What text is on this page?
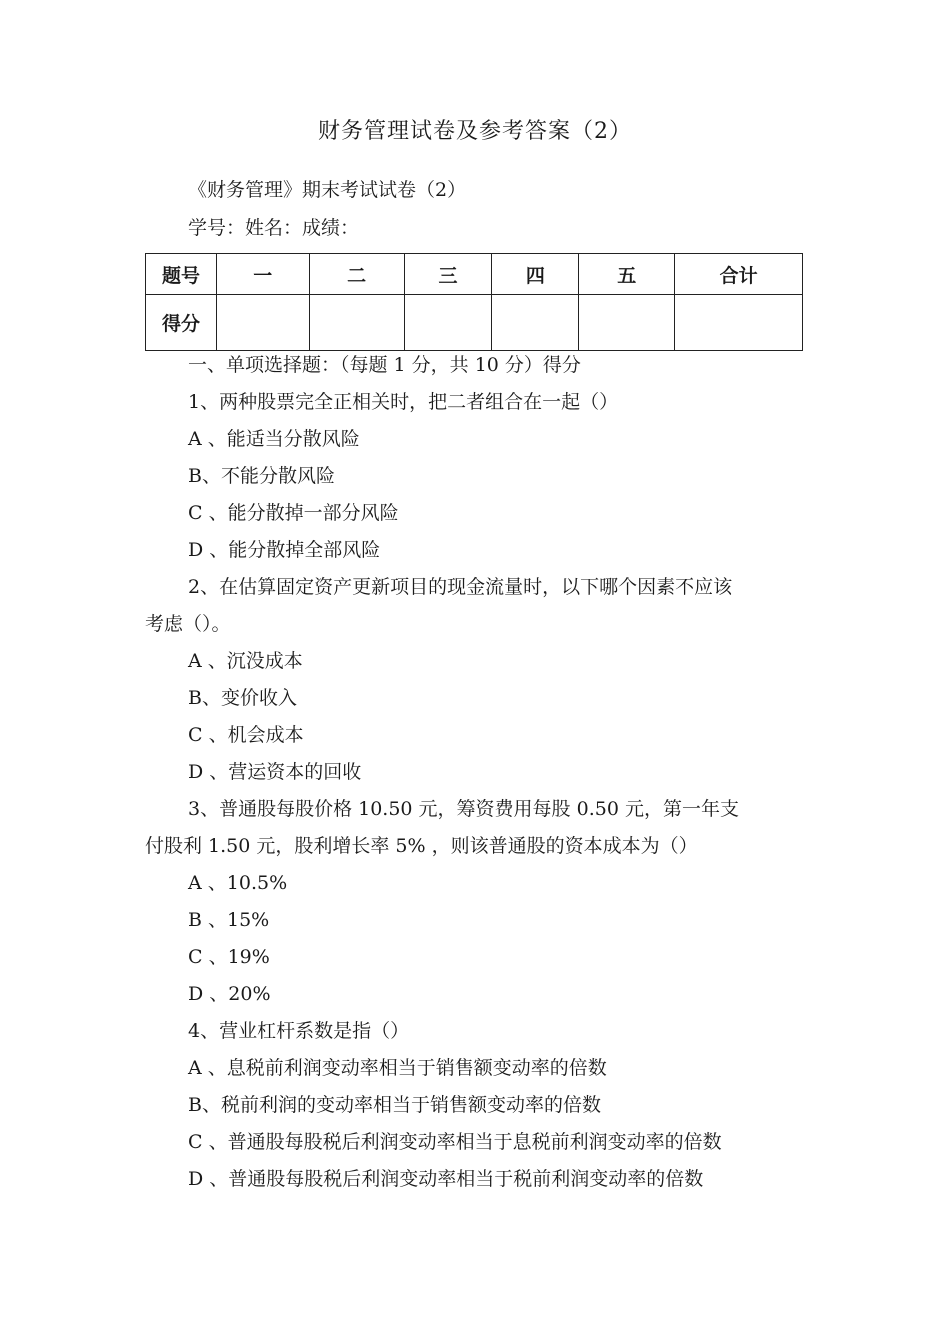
财务管理试卷及参考答案（2）
《财务管理》期末考试试卷（2）
学号：姓名：成绩：
题号	一	二	三	四	五	合计
得分						
一、单项选择题：（每题 1 分，共 10 分）得分
1、两种股票完全正相关时，把二者组合在一起（）
A 、能适当分散风险
B、不能分散风险
C 、能分散掉一部分风险
D 、能分散掉全部风险
2、在估算固定资产更新项目的现金流量时，以下哪个因素不应该
考虑（）。
A 、沉没成本
B、变价收入
C 、机会成本
D 、营运资本的回收
3、普通股每股价格 10.50 元，筹资费用每股 0.50 元，第一年支
付股利 1.50 元，股利增长率 5% ，则该普通股的资本成本为（）
A 、10.5%
B 、15%
C 、19%
D 、20%
4、营业杠杆系数是指（）
A 、息税前利润变动率相当于销售额变动率的倍数
B、税前利润的变动率相当于销售额变动率的倍数
C 、普通股每股税后利润变动率相当于息税前利润变动率的倍数
D 、普通股每股税后利润变动率相当于税前利润变动率的倍数
